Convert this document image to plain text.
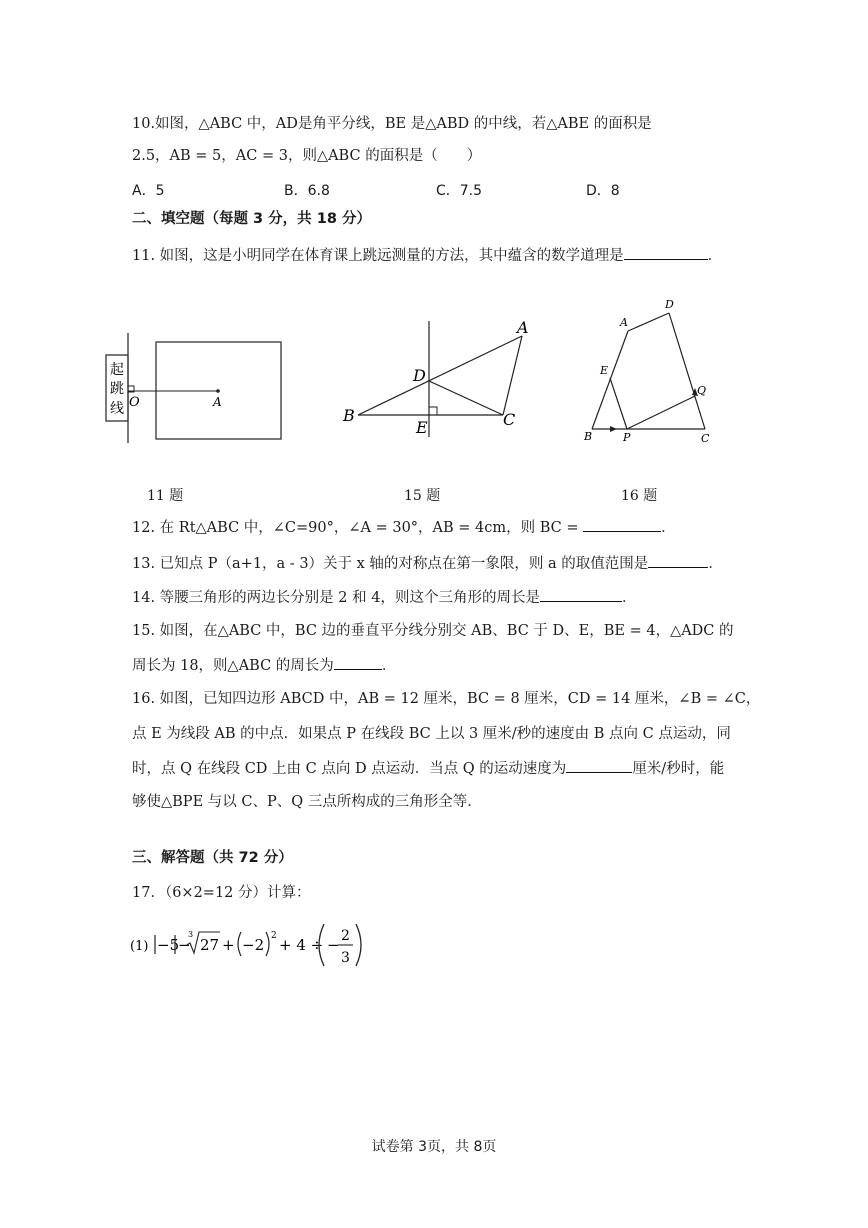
10.如图，△ABC 中，AD是角平分线，BE 是△ABD 的中线，若△ABE 的面积是
2.5，AB = 5，AC = 3，则△ABC 的面积是（　　）
A．5	B．6.8	C．7.5	D．8
二、填空题（每题 3 分，共 18 分）
11. 如图，这是小明同学在体育课上跳远测量的方法，其中蕴含的数学道理是	．
起
跳
线 O	A
A
B	C
D
E
A
B	C
D
E
P
Q
11 题	15 题	16 题
12. 在 Rt△ABC 中，∠C=90°，∠A = 30°，AB = 4cm，则 BC =	．
13. 已知点 P（a+1，a - 3）关于 x 轴的对称点在第一象限，则 a 的取值范围是	．
14. 等腰三角形的两边长分别是 2 和 4，则这个三角形的周长是	．
15. 如图，在△ABC 中，BC 边的垂直平分线分别交 AB、BC 于 D、E，BE = 4，△ADC 的
周长为 18，则△ABC 的周长为	．
16. 如图，已知四边形 ABCD 中，AB = 12 厘米，BC = 8 厘米，CD = 14 厘米，∠B = ∠C，
点 E 为线段 AB 的中点．如果点 P 在线段 BC 上以 3 厘米/秒的速度由 B 点向 C 点运动，同
时，点 Q 在线段 CD 上由 C 点向 D 点运动．当点 Q 的运动速度为	厘米/秒时，能
够使△BPE 与以 C、P、Q 三点所构成的三角形全等．
三、解答题（共 72 分）
17．（6×2=12 分）计算：
(1) −5
−
3
27 + −2 2 + 4 ÷ − 2
3
试卷第 3页，共 8页
